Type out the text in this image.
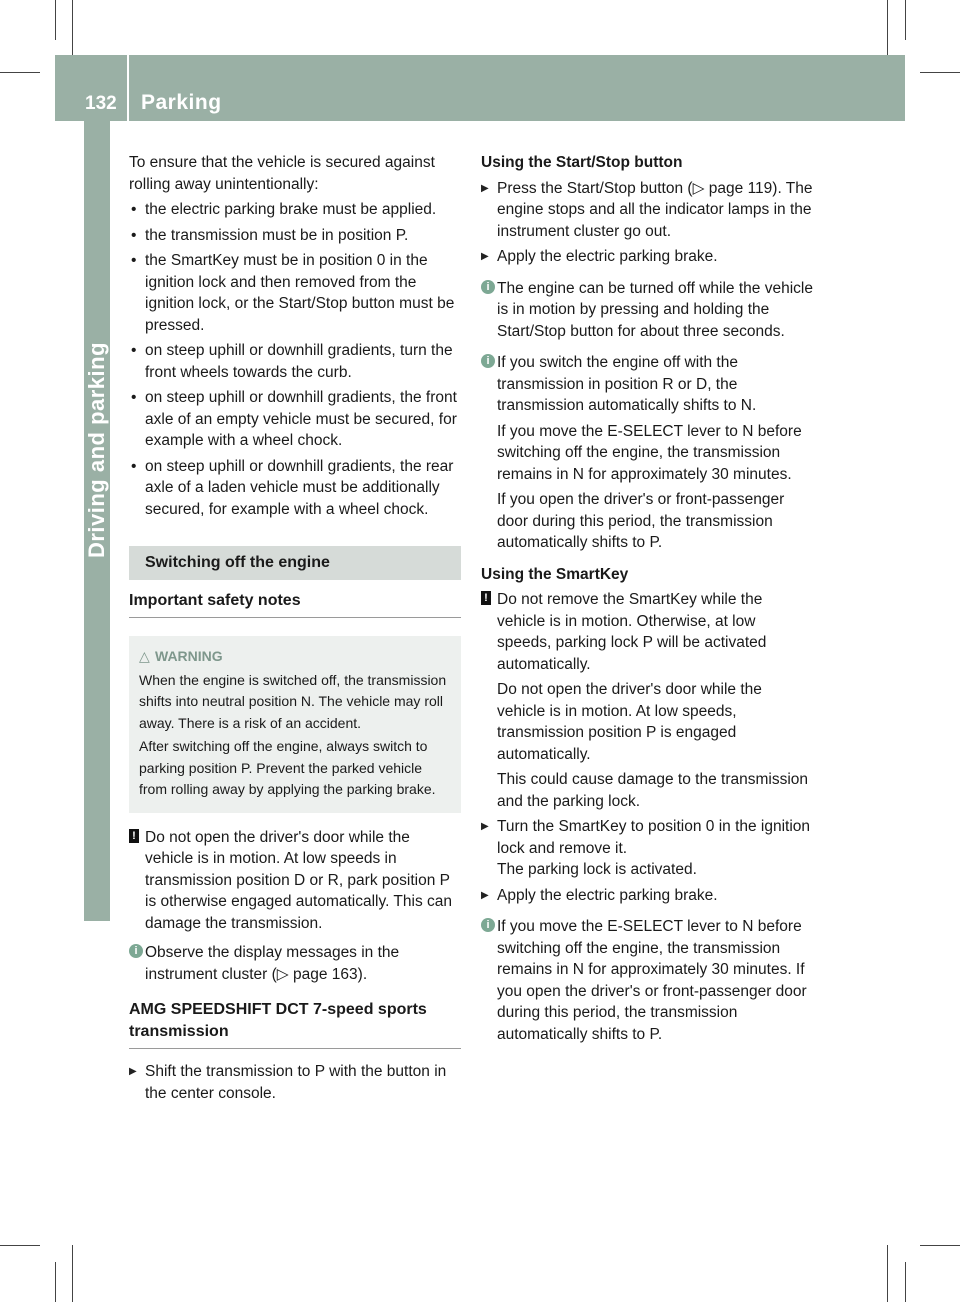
132 Parking
Driving and parking

To ensure that the vehicle is secured against rolling away unintentionally:

• the electric parking brake must be applied.

• the transmission must be in position P.

• the SmartKey must be in position 0 in the ignition lock and then removed from the ignition lock, or the Start/Stop button must be pressed.

• on steep uphill or downhill gradients, turn the front wheels towards the curb.

• on steep uphill or downhill gradients, the front axle of an empty vehicle must be secured, for example with a wheel chock.

• on steep uphill or downhill gradients, the rear axle of a laden vehicle must be additionally secured, for example with a wheel chock.

Switching off the engine
Important safety notes

△ WARNING

When the engine is switched off, the transmission shifts into neutral position N. The vehicle may roll away. There is a risk of an accident.

After switching off the engine, always switch to parking position P. Prevent the parked vehicle from rolling away by applying the parking brake.

! Do not open the driver's door while the vehicle is in motion. At low speeds in transmission position D or R, park position P is otherwise engaged automatically. This can damage the transmission.

i Observe the display messages in the instrument cluster (▷ page 163).

AMG SPEEDSHIFT DCT 7-speed sports transmission

▶ Shift the transmission to P with the button in the center console.

Using the Start/Stop button

▶ Press the Start/Stop button (▷ page 119). The engine stops and all the indicator lamps in the instrument cluster go out.

▶ Apply the electric parking brake.

i The engine can be turned off while the vehicle is in motion by pressing and holding the Start/Stop button for about three seconds.

i If you switch the engine off with the transmission in position R or D, the transmission automatically shifts to N.

If you move the E-SELECT lever to N before switching off the engine, the transmission remains in N for approximately 30 minutes.

If you open the driver's or front-passenger door during this period, the transmission automatically shifts to P.

Using the SmartKey

! Do not remove the SmartKey while the vehicle is in motion. Otherwise, at low speeds, parking lock P will be activated automatically.

Do not open the driver's door while the vehicle is in motion. At low speeds, transmission position P is engaged automatically.

This could cause damage to the transmission and the parking lock.

▶ Turn the SmartKey to position 0 in the ignition lock and remove it.

The parking lock is activated.

▶ Apply the electric parking brake.

i If you move the E-SELECT lever to N before switching off the engine, the transmission remains in N for approximately 30 minutes. If you open the driver's or front-passenger door during this period, the transmission automatically shifts to P.
